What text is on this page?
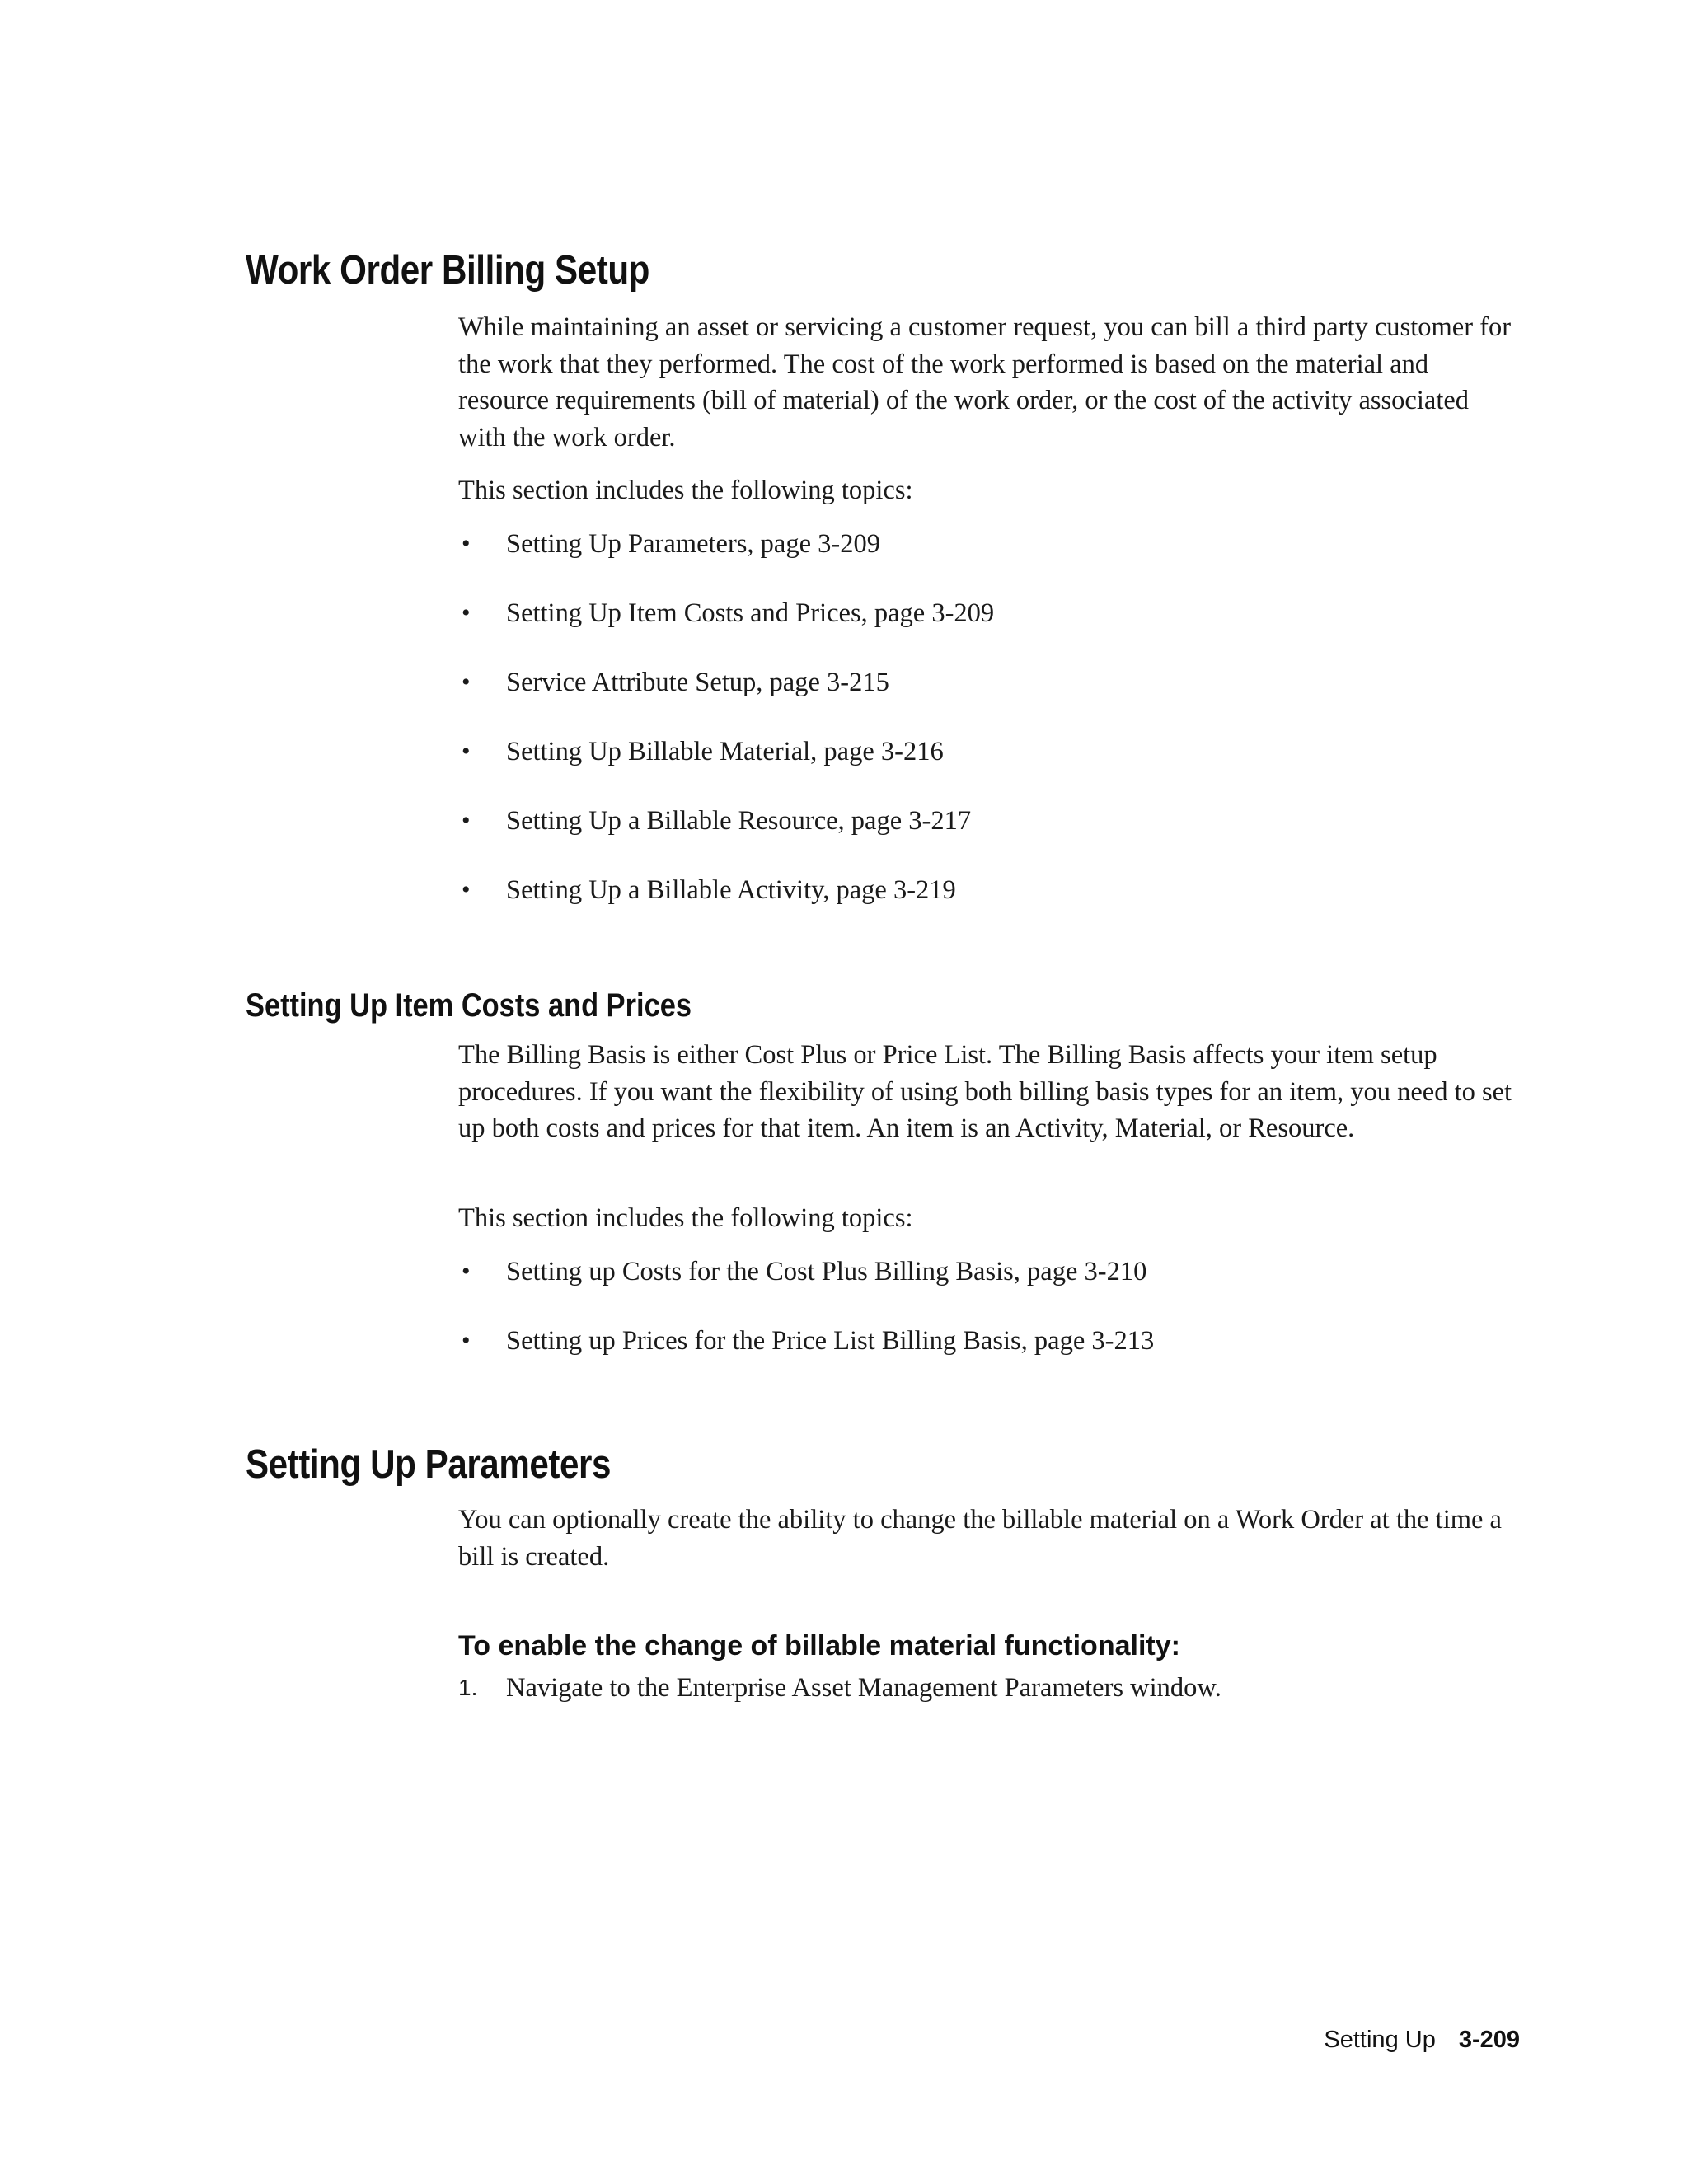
Work Order Billing Setup

While maintaining an asset or servicing a customer request, you can bill a third party customer for the work that they performed. The cost of the work performed is based on the material and resource requirements (bill of material) of the work order, or the cost of the activity associated with the work order.

This section includes the following topics:

• Setting Up Parameters, page 3-209
• Setting Up Item Costs and Prices, page 3-209
• Service Attribute Setup, page 3-215
• Setting Up Billable Material, page 3-216
• Setting Up a Billable Resource, page 3-217
• Setting Up a Billable Activity, page 3-219
Setting Up Item Costs and Prices

The Billing Basis is either Cost Plus or Price List. The Billing Basis affects your item setup procedures. If you want the flexibility of using both billing basis types for an item, you need to set up both costs and prices for that item. An item is an Activity, Material, or Resource.

This section includes the following topics:

• Setting up Costs for the Cost Plus Billing Basis, page 3-210
• Setting up Prices for the Price List Billing Basis, page 3-213
Setting Up Parameters

You can optionally create the ability to change the billable material on a Work Order at the time a bill is created.

To enable the change of billable material functionality:
1. Navigate to the Enterprise Asset Management Parameters window.
Setting Up 3-209
